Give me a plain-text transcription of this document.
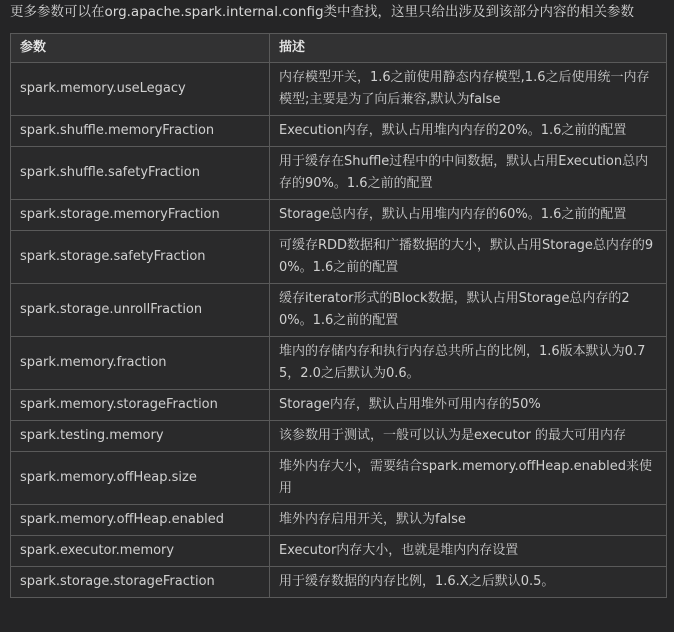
更多参数可以在org.apache.spark.internal.config类中查找，这里只给出涉及到该部分内容的相关参数
参数	描述
spark.memory.useLegacy	内存模型开关，1.6之前使用静态内存模型,1.6之后使用统一内存模型;主要是为了向后兼容,默认为false
spark.shuffle.memoryFraction	Execution内存，默认占用堆内内存的20%。1.6之前的配置
spark.shuffle.safetyFraction	用于缓存在Shuffle过程中的中间数据，默认占用Execution总内存的90%。1.6之前的配置
spark.storage.memoryFraction	Storage总内存，默认占用堆内内存的60%。1.6之前的配置
spark.storage.safetyFraction	可缓存RDD数据和广播数据的大小，默认占用Storage总内存的90%。1.6之前的配置
spark.storage.unrollFraction	缓存iterator形式的Block数据，默认占用Storage总内存的20%。1.6之前的配置
spark.memory.fraction	堆内的存储内存和执行内存总共所占的比例，1.6版本默认为0.75，2.0之后默认为0.6。
spark.memory.storageFraction	Storage内存，默认占用堆外可用内存的50%
spark.testing.memory	该参数用于测试，一般可以认为是executor 的最大可用内存
spark.memory.offHeap.size	堆外内存大小，需要结合spark.memory.offHeap.enabled来使用
spark.memory.offHeap.enabled	堆外内存启用开关，默认为false
spark.executor.memory	Executor内存大小，也就是堆内内存设置
spark.storage.storageFraction	用于缓存数据的内存比例，1.6.X之后默认0.5。
